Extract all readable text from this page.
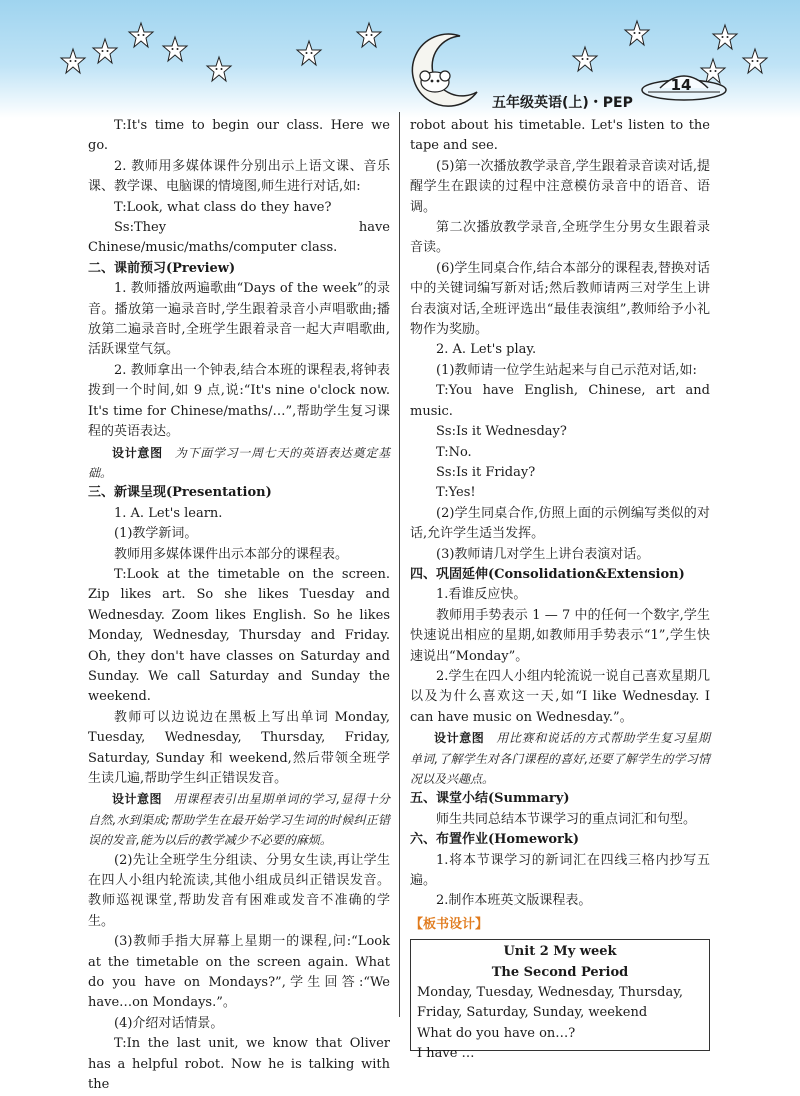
14
五年级英语(上)・PEP

T:It's time to begin our class. Here we go.

2. 教师用多媒体课件分别出示上语文课、音乐课、教学课、电脑课的情境图,师生进行对话,如:

T:Look, what class do they have?

Ss:They have Chinese/music/maths/computer class.

二、课前预习(Preview)

1. 教师播放两遍歌曲“Days of the week”的录音。播放第一遍录音时,学生跟着录音小声唱歌曲;播放第二遍录音时,全班学生跟着录音一起大声唱歌曲,活跃课堂气氛。

2. 教师拿出一个钟表,结合本班的课程表,将钟表拨到一个时间,如 9 点,说:“It's nine o'clock now. It's time for Chinese/maths/…”,帮助学生复习课程的英语表达。

设计意图 为下面学习一周七天的英语表达奠定基础。

三、新课呈现(Presentation)

1. A. Let's learn.

(1)教学新词。

教师用多媒体课件出示本部分的课程表。

T:Look at the timetable on the screen. Zip likes art. So she likes Tuesday and Wednesday. Zoom likes English. So he likes Monday, Wednesday, Thursday and Friday. Oh, they don't have classes on Saturday and Sunday. We call Saturday and Sunday the weekend.

教师可以边说边在黑板上写出单词 Monday, Tuesday, Wednesday, Thursday, Friday, Saturday, Sunday 和 weekend,然后带领全班学生读几遍,帮助学生纠正错误发音。

设计意图 用课程表引出星期单词的学习,显得十分自然,水到渠成;帮助学生在最开始学习生词的时候纠正错误的发音,能为以后的教学减少不必要的麻烦。

(2)先让全班学生分组读、分男女生读,再让学生在四人小组内轮流读,其他小组成员纠正错误发音。教师巡视课堂,帮助发音有困难或发音不准确的学生。

(3)教师手指大屏幕上星期一的课程,问:“Look at the timetable on the screen again. What do you have on Mondays?”,学生回答:“We have…on Mondays.”。

(4)介绍对话情景。

T:In the last unit, we know that Oliver has a helpful robot. Now he is talking with the

robot about his timetable. Let's listen to the tape and see.

(5)第一次播放教学录音,学生跟着录音读对话,提醒学生在跟读的过程中注意模仿录音中的语音、语调。

第二次播放教学录音,全班学生分男女生跟着录音读。

(6)学生同桌合作,结合本部分的课程表,替换对话中的关键词编写新对话;然后教师请两三对学生上讲台表演对话,全班评选出“最佳表演组”,教师给予小礼物作为奖励。

2. A. Let's play.

(1)教师请一位学生站起来与自己示范对话,如:

T:You have English, Chinese, art and music.

Ss:Is it Wednesday?

T:No.

Ss:Is it Friday?

T:Yes!

(2)学生同桌合作,仿照上面的示例编写类似的对话,允许学生适当发挥。

(3)教师请几对学生上讲台表演对话。

四、巩固延伸(Consolidation&Extension)

1.看谁反应快。

教师用手势表示 1 — 7 中的任何一个数字,学生快速说出相应的星期,如教师用手势表示“1”,学生快速说出“Monday”。

2.学生在四人小组内轮流说一说自己喜欢星期几以及为什么喜欢这一天,如“I like Wednesday. I can have music on Wednesday.”。

设计意图 用比赛和说话的方式帮助学生复习星期单词,了解学生对各门课程的喜好,还要了解学生的学习情况以及兴趣点。

五、课堂小结(Summary)

师生共同总结本节课学习的重点词汇和句型。

六、布置作业(Homework)

1.将本节课学习的新词汇在四线三格内抄写五遍。

2.制作本班英文版课程表。

【板书设计】

Unit 2 My week
The Second Period
Monday, Tuesday, Wednesday, Thursday,
Friday, Saturday, Sunday, weekend
What do you have on…?
I have …
